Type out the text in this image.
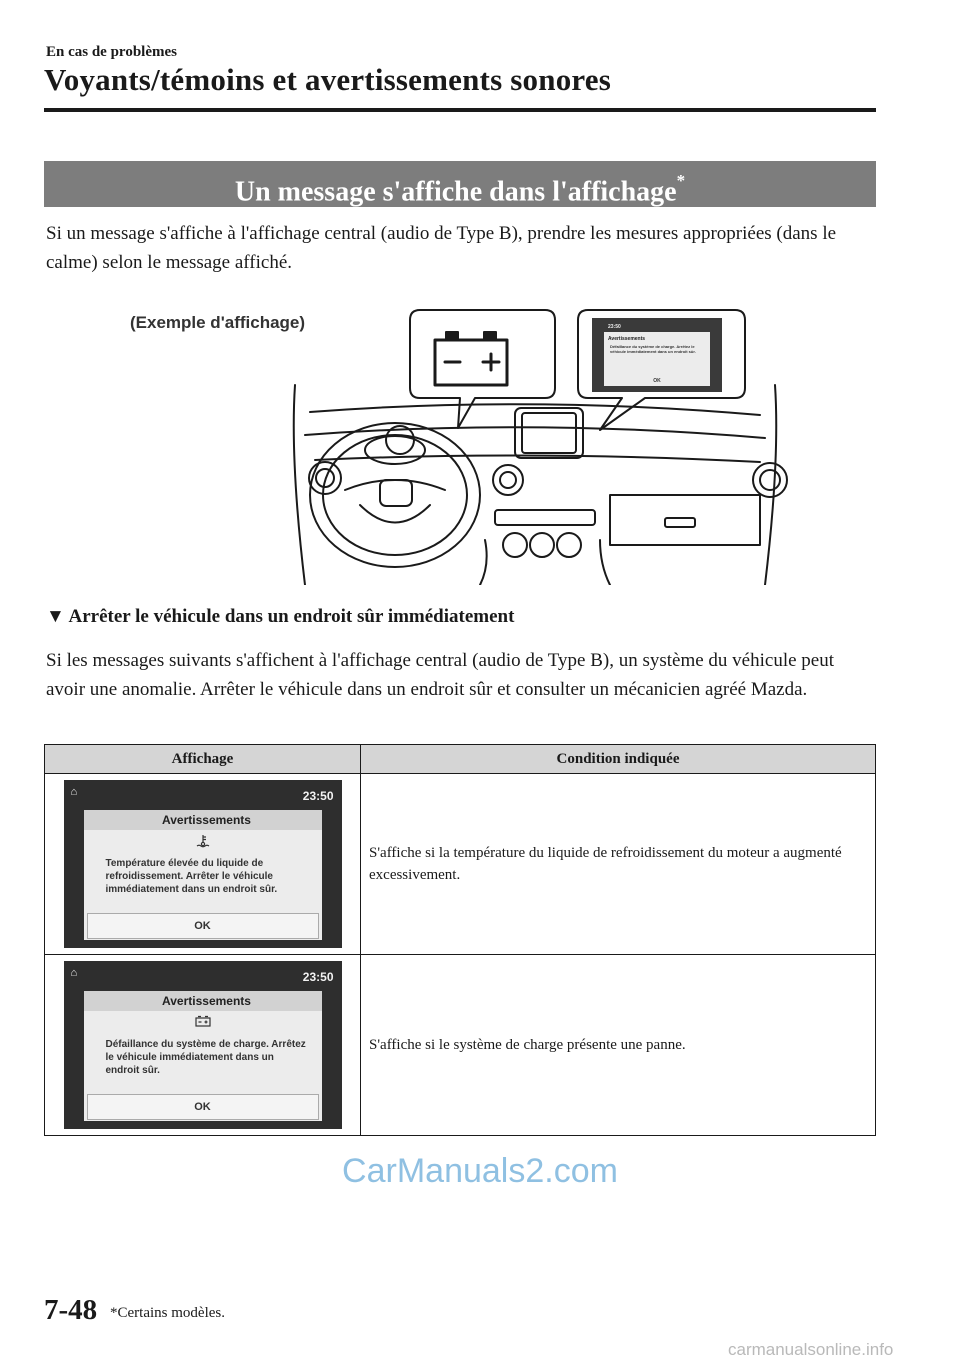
En cas de problèmes
Voyants/témoins et avertissements sonores
Un message s'affiche dans l'affichage*
Si un message s'affiche à l'affichage central (audio de Type B), prendre les mesures appropriées (dans le calme) selon le message affiché.
(Exemple d'affichage)	23:50
Avertissements
Défaillance du système de charge. Arrêtez le véhicule immédiatement dans un endroit sûr.
OK
▼ Arrêter le véhicule dans un endroit sûr immédiatement
Si les messages suivants s'affichent à l'affichage central (audio de Type B), un système du véhicule peut avoir une anomalie. Arrêter le véhicule dans un endroit sûr et consulter un mécanicien agréé Mazda.
Affichage	Condition indiquée

⌂ 23:50
Avertissements
Température élevée du liquide de refroidissement. Arrêter le véhicule immédiatement dans un endroit sûr.
OK	S'affiche si la température du liquide de refroidissement du moteur a augmenté excessivement.

⌂ 23:50
Avertissements
Défaillance du système de charge. Arrêtez le véhicule immédiatement dans un endroit sûr.
OK	S'affiche si le système de charge présente une panne.
CarManuals2.com
7-48 *Certains modèles.
carmanualsonline.info
